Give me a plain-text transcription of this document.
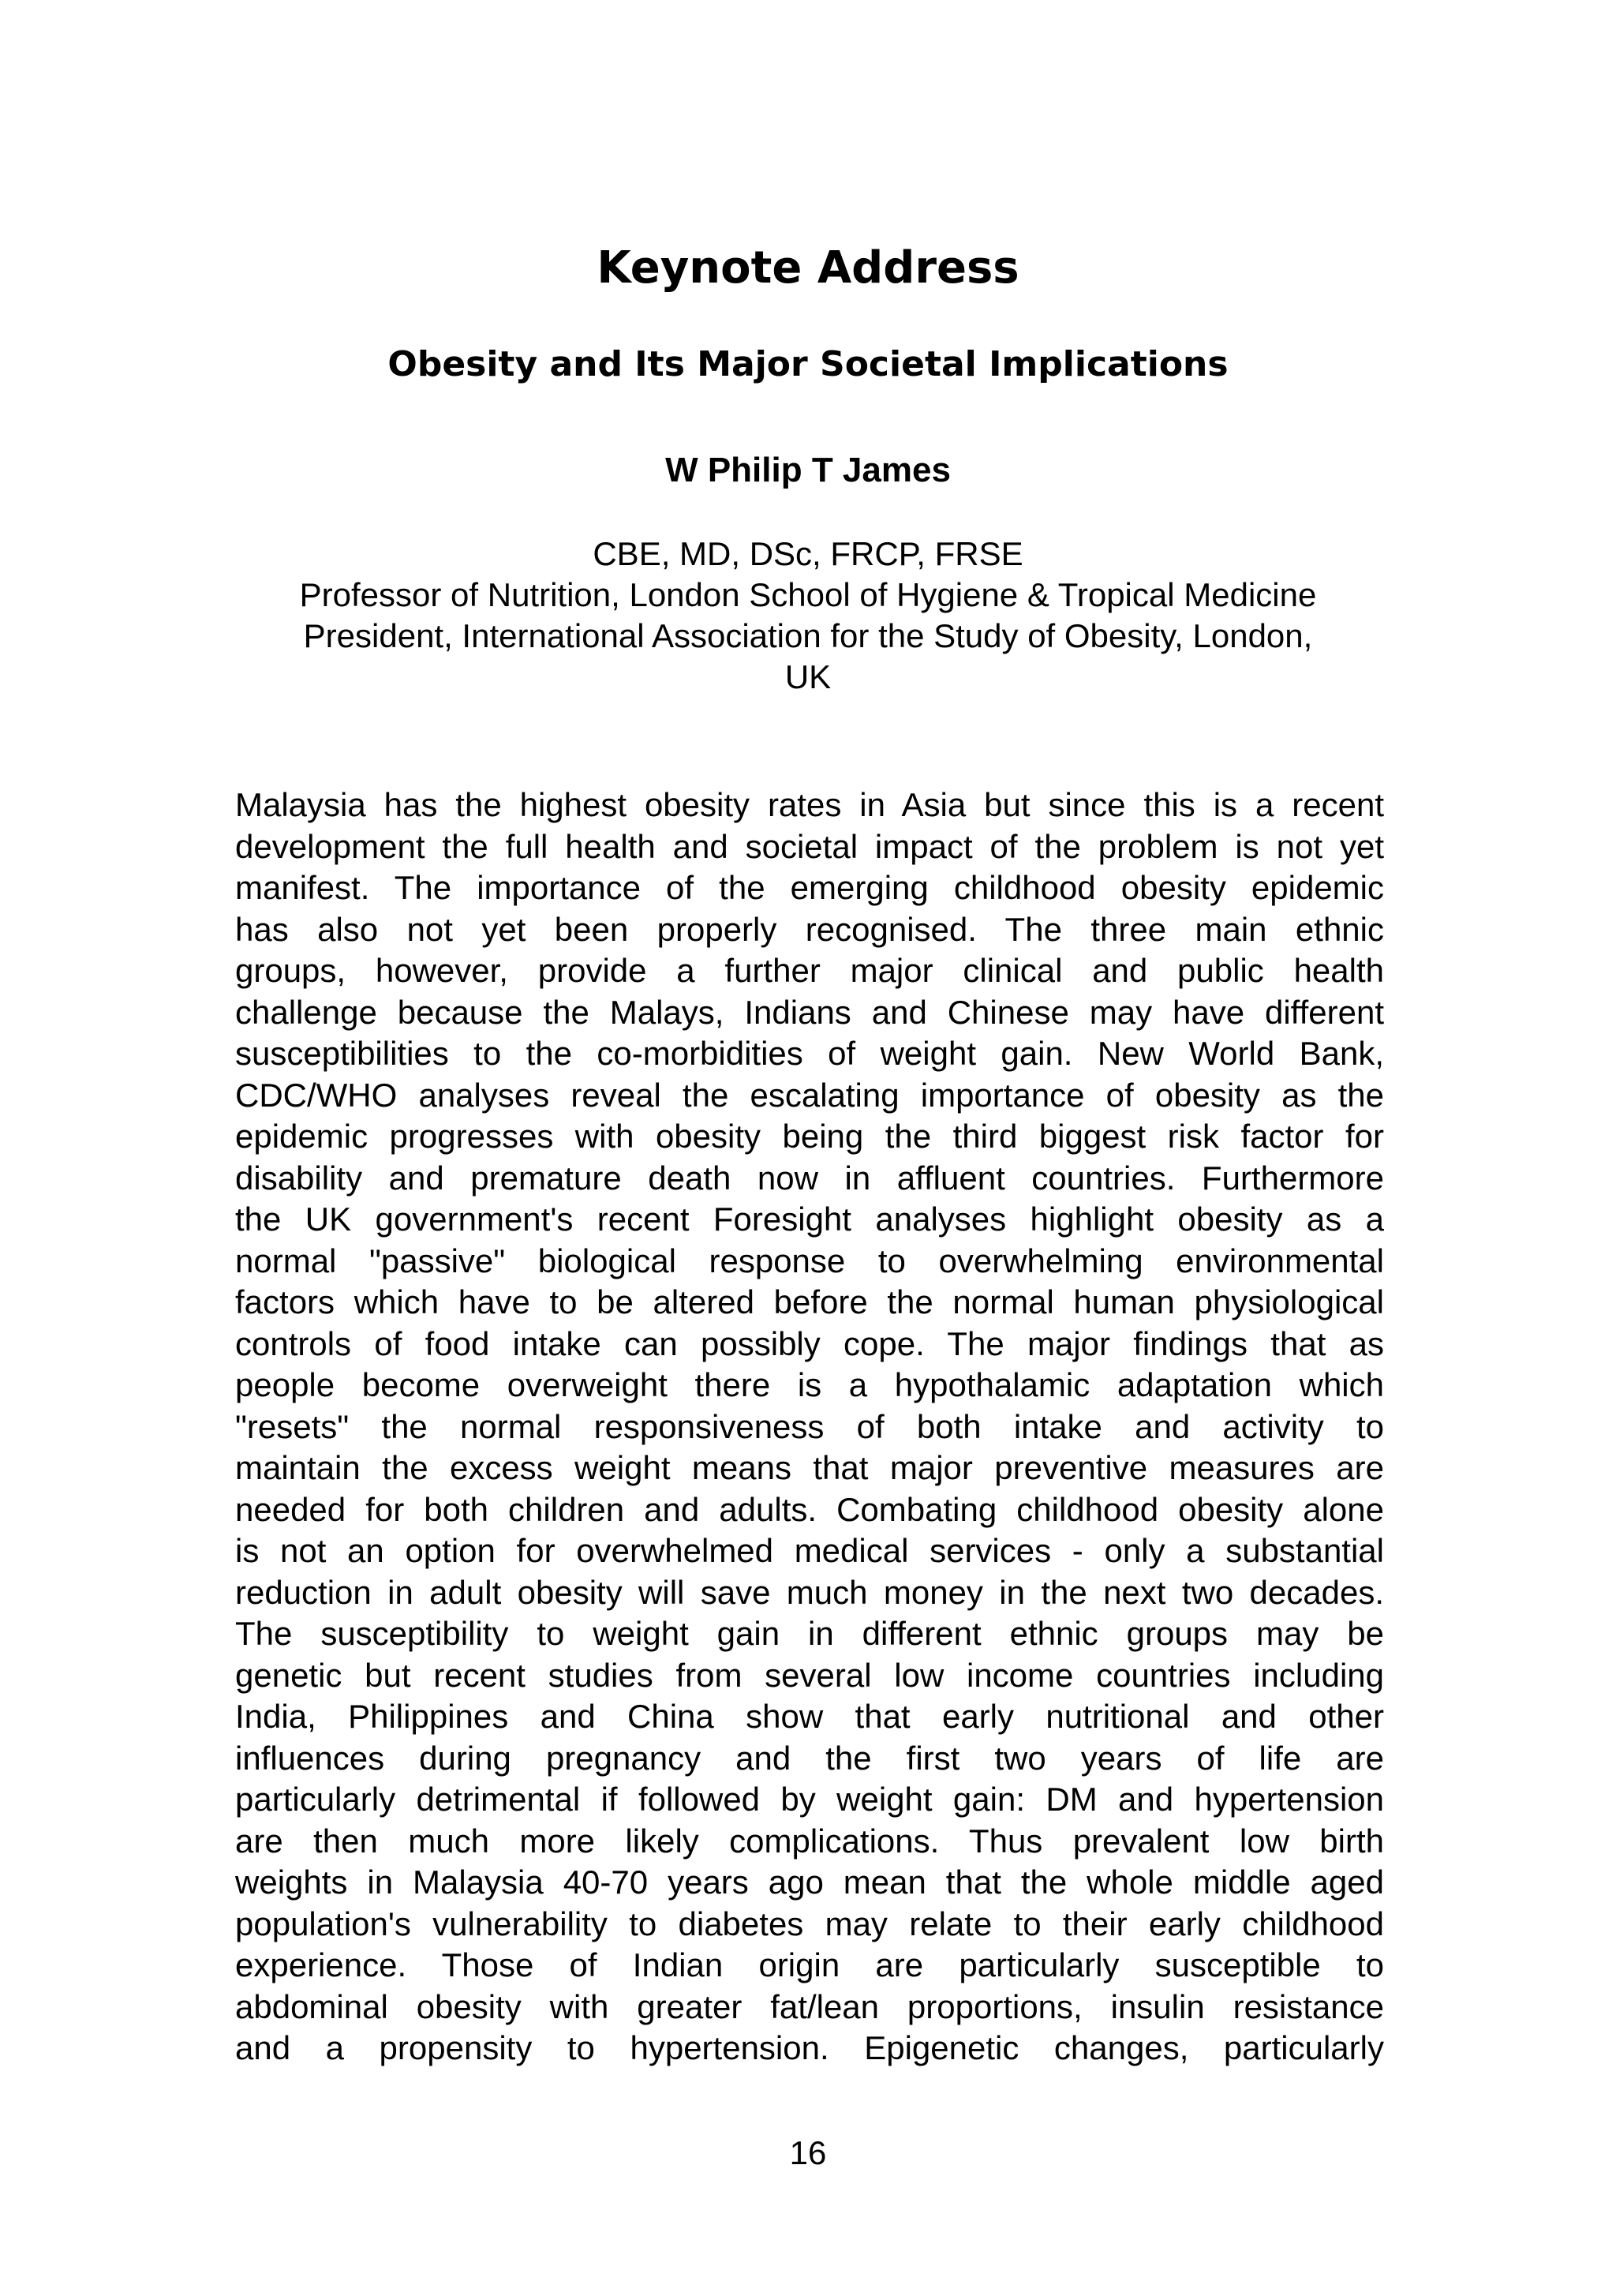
Keynote Address
Obesity and Its Major Societal Implications
W Philip T James
CBE, MD, DSc, FRCP, FRSE
Professor of Nutrition, London School of Hygiene & Tropical Medicine
President, International Association for the Study of Obesity, London,
UK
Malaysia has the highest obesity rates in Asia but since this is a recent
development the full health and societal impact of the problem is not yet
manifest. The importance of the emerging childhood obesity epidemic
has also not yet been properly recognised. The three main ethnic
groups, however, provide a further major clinical and public health
challenge because the Malays, Indians and Chinese may have different
susceptibilities to the co-morbidities of weight gain. New World Bank,
CDC/WHO analyses reveal the escalating importance of obesity as the
epidemic progresses with obesity being the third biggest risk factor for
disability and premature death now in affluent countries. Furthermore
the UK government's recent Foresight analyses highlight obesity as a
normal "passive" biological response to overwhelming environmental
factors which have to be altered before the normal human physiological
controls of food intake can possibly cope. The major findings that as
people become overweight there is a hypothalamic adaptation which
"resets" the normal responsiveness of both intake and activity to
maintain the excess weight means that major preventive measures are
needed for both children and adults. Combating childhood obesity alone
is not an option for overwhelmed medical services - only a substantial
reduction in adult obesity will save much money in the next two decades.
The susceptibility to weight gain in different ethnic groups may be
genetic but recent studies from several low income countries including
India, Philippines and China show that early nutritional and other
influences during pregnancy and the first two years of life are
particularly detrimental if followed by weight gain: DM and hypertension
are then much more likely complications. Thus prevalent low birth
weights in Malaysia 40-70 years ago mean that the whole middle aged
population's vulnerability to diabetes may relate to their early childhood
experience. Those of Indian origin are particularly susceptible to
abdominal obesity with greater fat/lean proportions, insulin resistance
and a propensity to hypertension. Epigenetic changes, particularly
16
